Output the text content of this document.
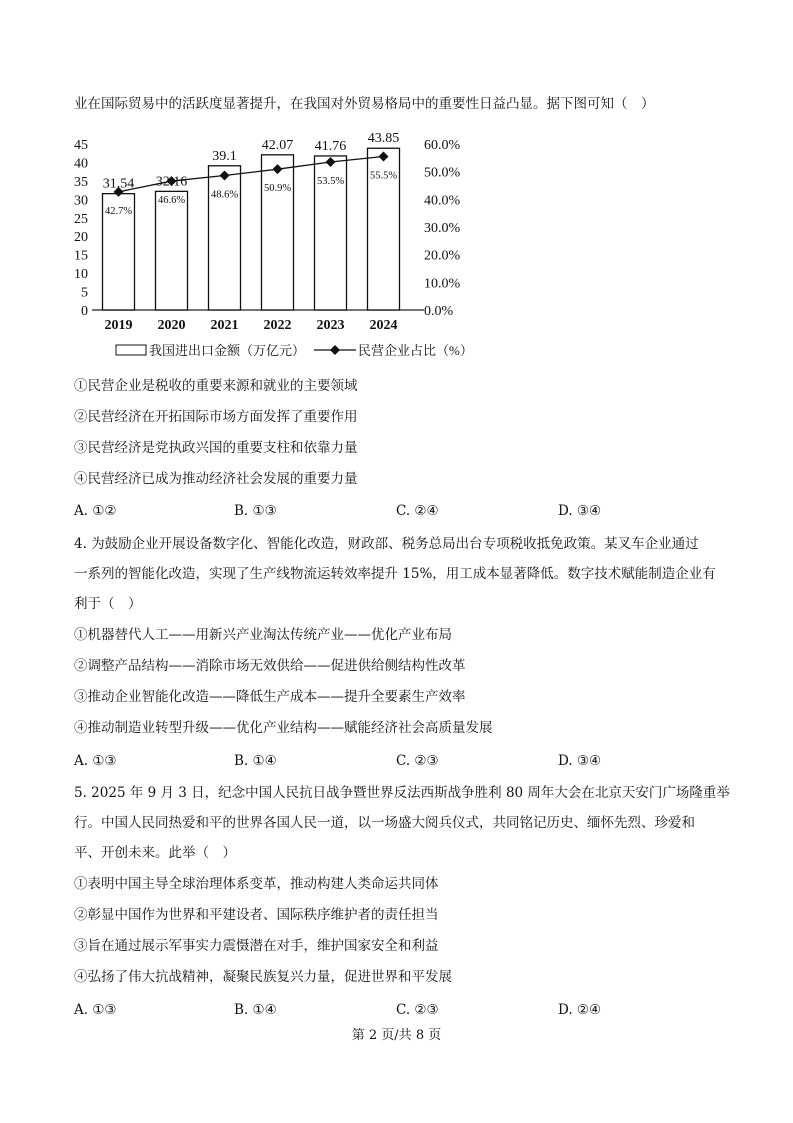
业在国际贸易中的活跃度显著提升，在我国对外贸易格局中的重要性日益凸显。据下图可知（　）
0
5
10
15
20
25
30
35
40
45
0.0%
10.0%
20.0%
30.0%
40.0%
50.0%
60.0%
31.54 32.16
39.1
42.07 41.76
43.85
42.7%
46.6%
48.6%
50.9%
53.5%
55.5%
2019 2020 2021 2022 2023 2024
我国进出口金额（万亿元）	民营企业占比（%）
①民营企业是税收的重要来源和就业的主要领域
②民营经济在开拓国际市场方面发挥了重要作用
③民营经济是党执政兴国的重要支柱和依靠力量
④民营经济已成为推动经济社会发展的重要力量
A. ①②	B. ①③	C. ②④	D. ③④
4. 为鼓励企业开展设备数字化、智能化改造，财政部、税务总局出台专项税收抵免政策。某叉车企业通过
一系列的智能化改造，实现了生产线物流运转效率提升 15%，用工成本显著降低。数字技术赋能制造企业有
利于（　）
①机器替代人工——用新兴产业淘汰传统产业——优化产业布局
②调整产品结构——消除市场无效供给——促进供给侧结构性改革
③推动企业智能化改造——降低生产成本——提升全要素生产效率
④推动制造业转型升级——优化产业结构——赋能经济社会高质量发展
A. ①③	B. ①④	C. ②③	D. ③④
5. 2025 年 9 月 3 日，纪念中国人民抗日战争暨世界反法西斯战争胜利 80 周年大会在北京天安门广场隆重举
行。中国人民同热爱和平的世界各国人民一道，以一场盛大阅兵仪式，共同铭记历史、缅怀先烈、珍爱和
平、开创未来。此举（　）
①表明中国主导全球治理体系变革，推动构建人类命运共同体
②彰显中国作为世界和平建设者、国际秩序维护者的责任担当
③旨在通过展示军事实力震慑潜在对手，维护国家安全和利益
④弘扬了伟大抗战精神，凝聚民族复兴力量，促进世界和平发展
A. ①③	B. ①④	C. ②③	D. ②④
第 2 页/共 8 页
